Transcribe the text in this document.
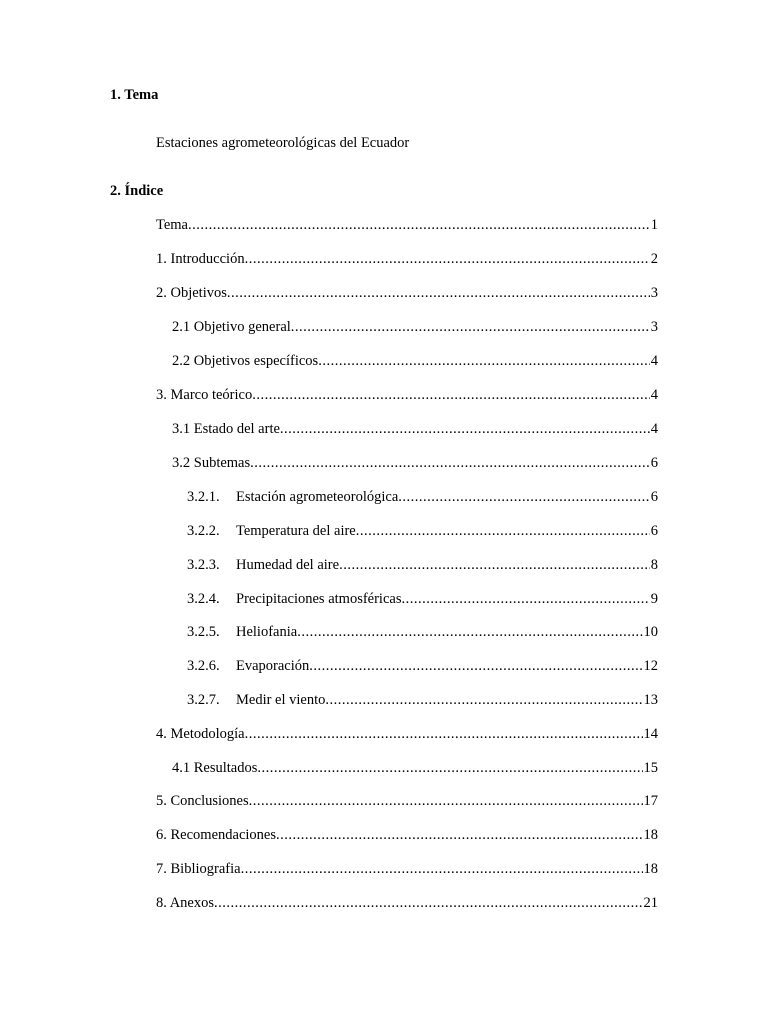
1. Tema
Estaciones agrometeorológicas del Ecuador
2. Índice
Tema .....	1
1. Introducción .....	2
2. Objetivos .....	3
2.1 Objetivo general .....	3
2.2 Objetivos específicos .....	4
3. Marco teórico .....	4
3.1 Estado del arte .....	4
3.2 Subtemas .....	6
3.2.1.	Estación agrometeorológica .....	6
3.2.2.	Temperatura del aire .....	6
3.2.3.	Humedad del aire .....	8
3.2.4.	Precipitaciones atmosféricas .....	9
3.2.5.	Heliofania .....	10
3.2.6.	Evaporación .....	12
3.2.7.	Medir el viento .....	13
4. Metodología .....	14
4.1 Resultados .....	15
5. Conclusiones .....	17
6. Recomendaciones .....	18
7. Bibliografia .....	18
8. Anexos .....	21
